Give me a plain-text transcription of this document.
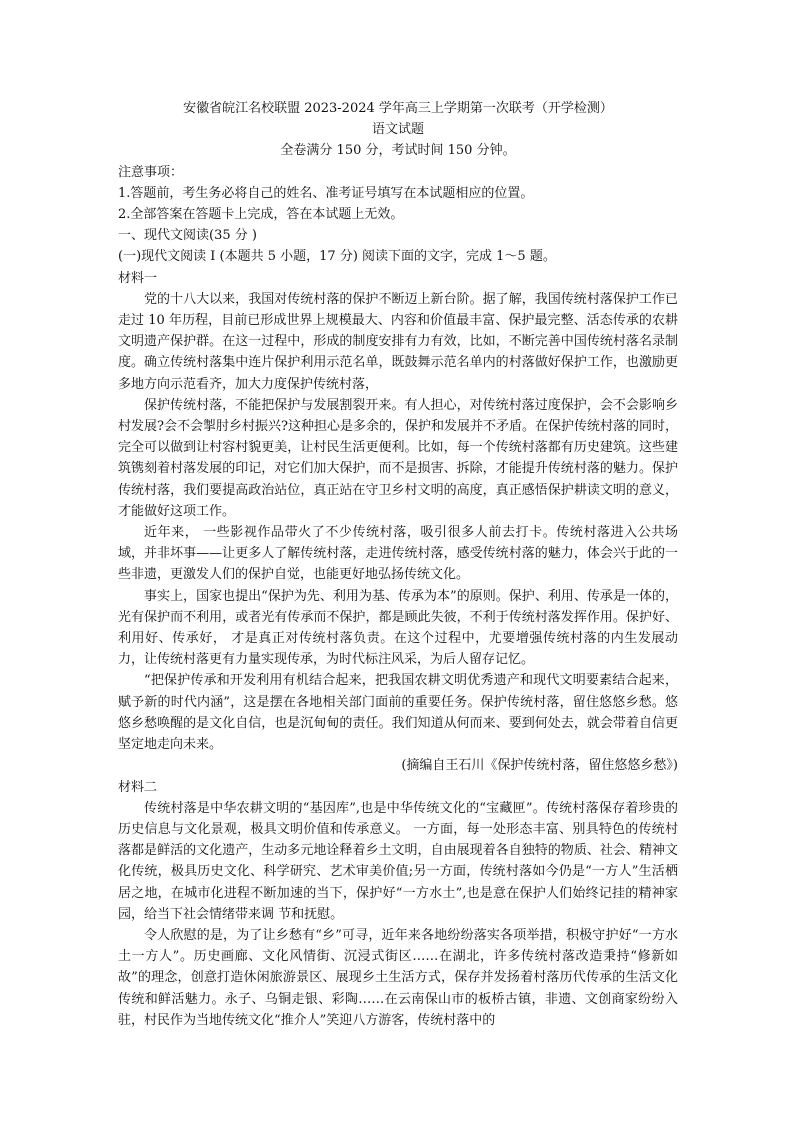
安徽省皖江名校联盟 2023-2024 学年高三上学期第一次联考（开学检测）

语文试题

全卷满分 150 分，考试时间 150 分钟。

注意事项：

1.答题前，考生务必将自己的姓名、准考证号填写在本试题相应的位置。

2.全部答案在答题卡上完成，答在本试题上无效。

一、现代文阅读(35 分 )

(一)现代文阅读 I (本题共 5 小题，17 分) 阅读下面的文字，完成 1～5 题。

材料一

党的十八大以来，我国对传统村落的保护不断迈上新台阶。据了解，我国传统村落保护工作已走过 10 年历程，目前已形成世界上规模最大、内容和价值最丰富、保护最完整、活态传承的农耕文明遗产保护群。在这一过程中，形成的制度安排有力有效，比如，不断完善中国传统村落名录制度。确立传统村落集中连片保护利用示范名单，既鼓舞示范名单内的村落做好保护工作，也激励更多地方向示范看齐，加大力度保护传统村落，

保护传统村落，不能把保护与发展割裂开来。有人担心，对传统村落过度保护，会不会影响乡村发展?会不会掣肘乡村振兴?这种担心是多余的，保护和发展并不矛盾。在保护传统村落的同时，完全可以做到让村容村貌更美，让村民生活更便利。比如，每一个传统村落都有历史建筑。这些建筑镌刻着村落发展的印记，对它们加大保护，而不是损害、拆除，才能提升传统村落的魅力。保护传统村落，我们要提高政治站位，真正站在守卫乡村文明的高度，真正感悟保护耕读文明的意义，才能做好这项工作。

近年来， 一些影视作品带火了不少传统村落，吸引很多人前去打卡。传统村落进入公共场域，并非坏事——让更多人了解传统村落，走进传统村落，感受传统村落的魅力，体会兴于此的一些非遗，更激发人们的保护自觉，也能更好地弘扬传统文化。

事实上，国家也提出“保护为先、利用为基、传承为本”的原则。保护、利用、传承是一体的，光有保护而不利用，或者光有传承而不保护，都是顾此失彼，不利于传统村落发挥作用。保护好、利用好、传承好， 才是真正对传统村落负责。在这个过程中，尤要增强传统村落的内生发展动力，让传统村落更有力量实现传承，为时代标注风采，为后人留存记忆。

“把保护传承和开发利用有机结合起来，把我国农耕文明优秀遗产和现代文明要素结合起来，赋予新的时代内涵”，这是摆在各地相关部门面前的重要任务。保护传统村落，留住悠悠乡愁。悠悠乡愁唤醒的是文化自信，也是沉甸甸的责任。我们知道从何而来、要到何处去，就会带着自信更坚定地走向未来。

(摘编自王石川《保护传统村落，留住悠悠乡愁》)

材料二

传统村落是中华农耕文明的“基因库”,也是中华传统文化的“宝藏匣”。传统村落保存着珍贵的历史信息与文化景观，极具文明价值和传承意义。 一方面，每一处形态丰富、别具特色的传统村落都是鲜活的文化遗产，生动多元地诠释着乡土文明，自由展现着各自独特的物质、社会、精神文化传统，极具历史文化、科学研究、艺术审美价值;另一方面，传统村落如今仍是“一方人”生活栖居之地，在城市化进程不断加速的当下，保护好“一方水土”,也是意在保护人们始终记挂的精神家园，给当下社会情绪带来调 节和抚慰。

令人欣慰的是，为了让乡愁有“乡”可寻，近年来各地纷纷落实各项举措，积极守护好“一方水土一方人”。历史画廊、文化风情街、沉浸式街区……在湖北，许多传统村落改造秉持“修新如故”的理念，创意打造休闲旅游景区、展现乡土生活方式，保存并发扬着村落历代传承的生活文化传统和鲜活魅力。永子、乌铜走银、彩陶……在云南保山市的板桥古镇，非遗、文创商家纷纷入驻，村民作为当地传统文化“推介人”笑迎八方游客，传统村落中的
